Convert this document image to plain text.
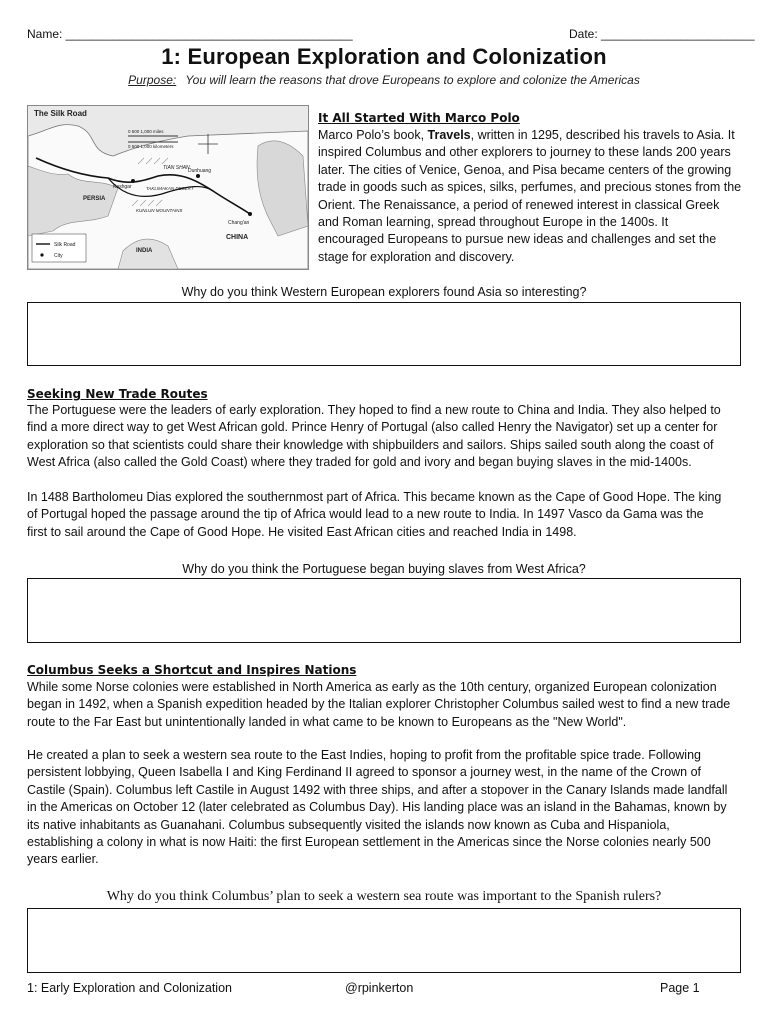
Name: ___________________________________________	Date: _______________________
1: European Exploration and Colonization
Purpose: You will learn the reasons that drove Europeans to explore and colonize the Americas
The Silk Road
0 500 1,000 miles
0 500 1,000 kilometers
TIAN SHAN
Dunhuang
Kashgar	TAKLIMAKAN DESERT
KUNLUN MOUNTAINS
PERSIA
Chang'an
CHINA
INDIA
Silk Road
City
It All Started With Marco Polo
Marco Polo’s book, Travels, written in 1295, described his travels to Asia. It
inspired Columbus and other explorers to journey to these lands 200 years
later. The cities of Venice, Genoa, and Pisa became centers of the growing
trade in goods such as spices, silks, perfumes, and precious stones from the
Orient. The Renaissance, a period of renewed interest in classical Greek
and Roman learning, spread throughout Europe in the 1400s. It
encouraged Europeans to pursue new ideas and challenges and set the
stage for exploration and discovery.
Why do you think Western European explorers found Asia so interesting?
Seeking New Trade Routes
The Portuguese were the leaders of early exploration. They hoped to find a new route to China and India. They also helped to
find a more direct way to get West African gold. Prince Henry of Portugal (also called Henry the Navigator) set up a center for
exploration so that scientists could share their knowledge with shipbuilders and sailors. Ships sailed south along the coast of
West Africa (also called the Gold Coast) where they traded for gold and ivory and began buying slaves in the mid-1400s.
In 1488 Bartholomeu Dias explored the southernmost part of Africa. This became known as the Cape of Good Hope. The king
of Portugal hoped the passage around the tip of Africa would lead to a new route to India. In 1497 Vasco da Gama was the
first to sail around the Cape of Good Hope. He visited East African cities and reached India in 1498.
Why do you think the Portuguese began buying slaves from West Africa?
Columbus Seeks a Shortcut and Inspires Nations
While some Norse colonies were established in North America as early as the 10th century, organized European colonization
began in 1492, when a Spanish expedition headed by the Italian explorer Christopher Columbus sailed west to find a new trade
route to the Far East but unintentionally landed in what came to be known to Europeans as the "New World".
He created a plan to seek a western sea route to the East Indies, hoping to profit from the profitable spice trade. Following
persistent lobbying, Queen Isabella I and King Ferdinand II agreed to sponsor a journey west, in the name of the Crown of
Castile (Spain). Columbus left Castile in August 1492 with three ships, and after a stopover in the Canary Islands made landfall
in the Americas on October 12 (later celebrated as Columbus Day). His landing place was an island in the Bahamas, known by
its native inhabitants as Guanahani. Columbus subsequently visited the islands now known as Cuba and Hispaniola,
establishing a colony in what is now Haiti: the first European settlement in the Americas since the Norse colonies nearly 500
years earlier.
Why do you think Columbus’ plan to seek a western sea route was important to the Spanish rulers?
1: Early Exploration and Colonization	@rpinkerton	Page 1
